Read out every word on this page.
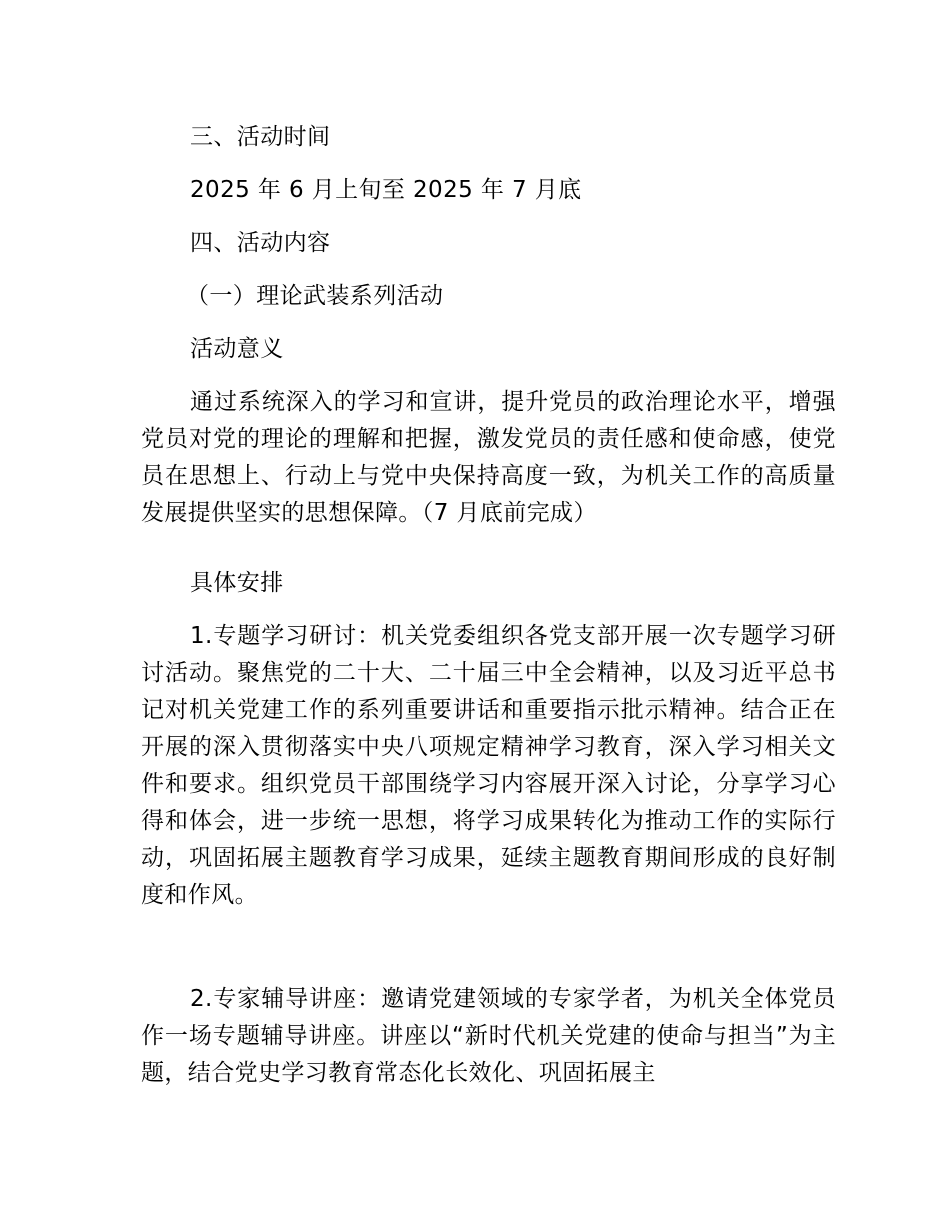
三、活动时间
2025 年 6 月上旬至 2025 年 7 月底
四、活动内容
（一）理论武装系列活动
活动意义
通过系统深入的学习和宣讲，提升党员的政治理论水平，增强党员对党的理论的理解和把握，激发党员的责任感和使命感，使党员在思想上、行动上与党中央保持高度一致，为机关工作的高质量发展提供坚实的思想保障。（7 月底前完成）
具体安排
1.专题学习研讨：机关党委组织各党支部开展一次专题学习研讨活动。聚焦党的二十大、二十届三中全会精神，以及习近平总书记对机关党建工作的系列重要讲话和重要指示批示精神。结合正在开展的深入贯彻落实中央八项规定精神学习教育，深入学习相关文件和要求。组织党员干部围绕学习内容展开深入讨论，分享学习心得和体会，进一步统一思想，将学习成果转化为推动工作的实际行动，巩固拓展主题教育学习成果，延续主题教育期间形成的良好制度和作风。
2.专家辅导讲座：邀请党建领域的专家学者，为机关全体党员作一场专题辅导讲座。讲座以“新时代机关党建的使命与担当”为主题，结合党史学习教育常态化长效化、巩固拓展主
